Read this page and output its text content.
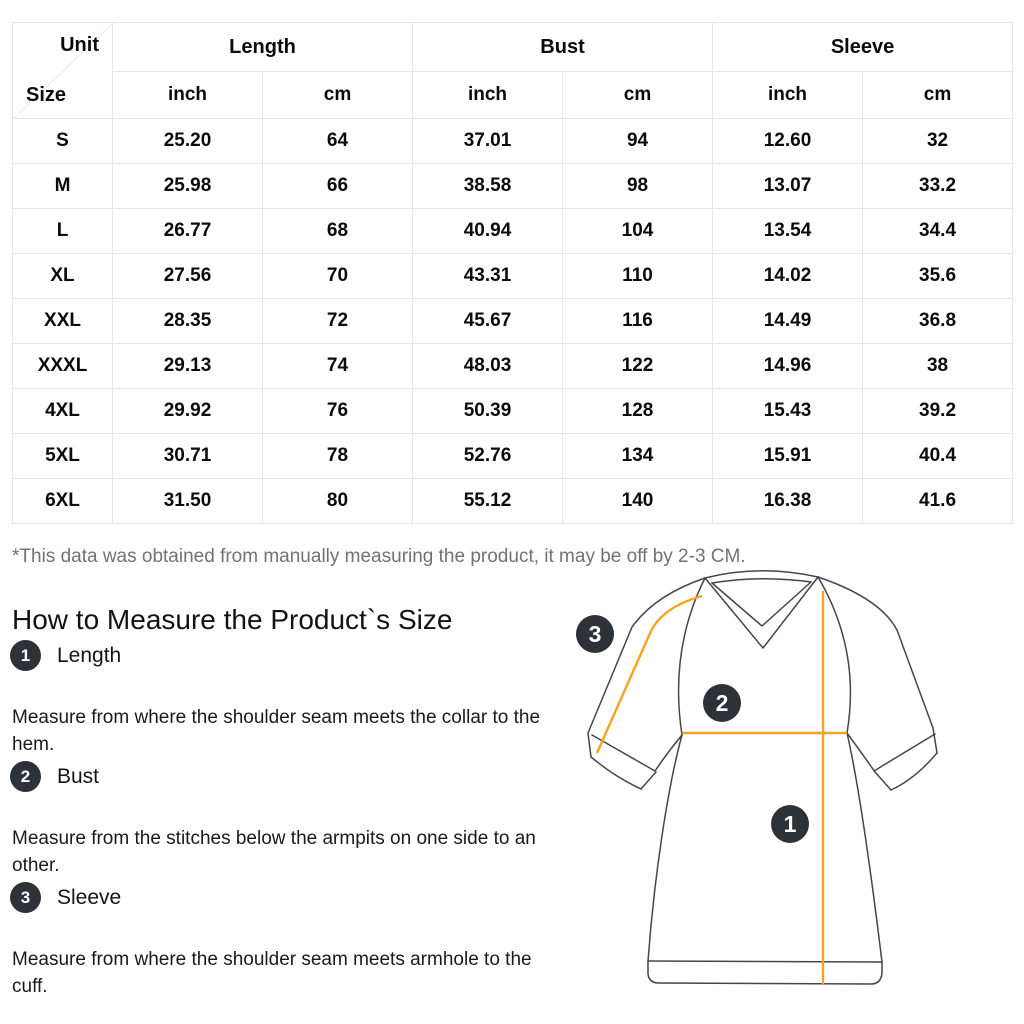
Unit
Size	Length		Bust		Sleeve	
	inch	cm	inch	cm	inch	cm
S	25.20	64	37.01	94	12.60	32
M	25.98	66	38.58	98	13.07	33.2
L	26.77	68	40.94	104	13.54	34.4
XL	27.56	70	43.31	110	14.02	35.6
XXL	28.35	72	45.67	116	14.49	36.8
XXXL	29.13	74	48.03	122	14.96	38
4XL	29.92	76	50.39	128	15.43	39.2
5XL	30.71	78	52.76	134	15.91	40.4
6XL	31.50	80	55.12	140	16.38	41.6

*This data was obtained from manually measuring the product, it may be off by 2-3 CM.

How to Measure the Product`s Size
1	Length

Measure from where the shoulder seam meets the collar to the hem.

2	Bust

Measure from the stitches below the armpits on one side to an other.

3	Sleeve

Measure from where the shoulder seam meets armhole to the cuff.

3
2
1
